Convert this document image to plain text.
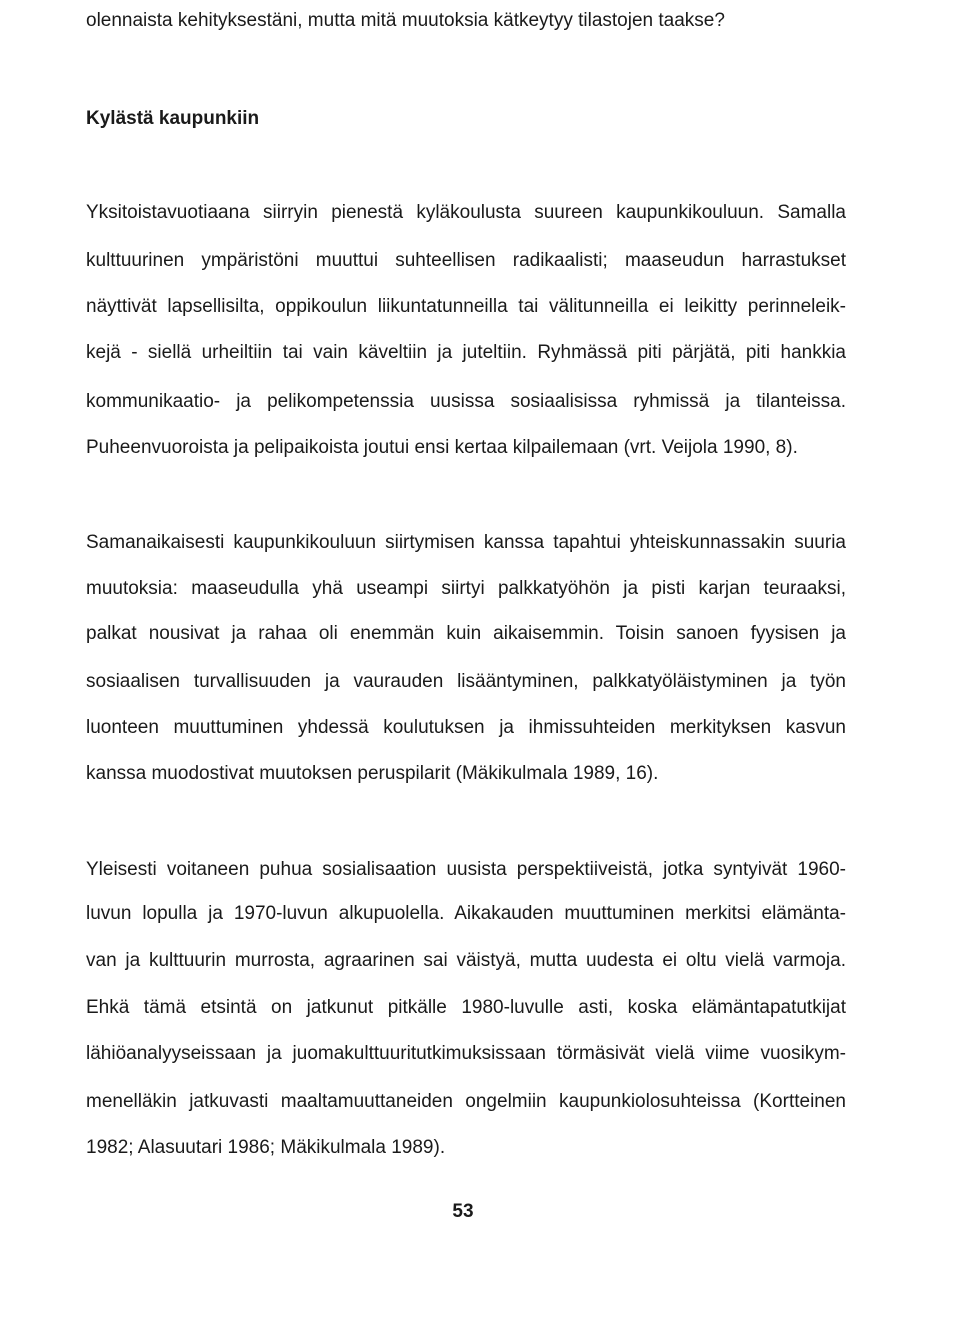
olennaista kehityksestäni, mutta mitä muutoksia kätkeytyy tilastojen taakse?
Kylästä kaupunkiin
Yksitoistavuotiaana siirryin pienestä kyläkoulusta suureen kaupunkikouluun. Samalla
kulttuurinen ympäristöni muuttui suhteellisen radikaalisti; maaseudun harrastukset
näyttivät lapsellisilta, oppikoulun liikuntatunneilla tai välitunneilla ei leikitty perinneleik-
kejä - siellä urheiltiin tai vain käveltiin ja juteltiin. Ryhmässä piti pärjätä, piti hankkia
kommunikaatio- ja pelikompetenssia uusissa sosiaalisissa ryhmissä ja tilanteissa.
Puheenvuoroista ja pelipaikoista joutui ensi kertaa kilpailemaan (vrt. Veijola 1990, 8).
Samanaikaisesti kaupunkikouluun siirtymisen kanssa tapahtui yhteiskunnassakin suuria
muutoksia: maaseudulla yhä useampi siirtyi palkkatyöhön ja pisti karjan teuraaksi,
palkat nousivat ja rahaa oli enemmän kuin aikaisemmin. Toisin sanoen fyysisen ja
sosiaalisen turvallisuuden ja vaurauden lisääntyminen, palkkatyöläistyminen ja työn
luonteen muuttuminen yhdessä koulutuksen ja ihmissuhteiden merkityksen kasvun
kanssa muodostivat muutoksen peruspilarit (Mäkikulmala 1989, 16).
Yleisesti voitaneen puhua sosialisaation uusista perspektiiveistä, jotka syntyivät 1960-
luvun lopulla ja 1970-luvun alkupuolella. Aikakauden muuttuminen merkitsi elämänta-
van ja kulttuurin murrosta, agraarinen sai väistyä, mutta uudesta ei oltu vielä varmoja.
Ehkä tämä etsintä on jatkunut pitkälle 1980-luvulle asti, koska elämäntapatutkijat
lähiöanalyyseissaan ja juomakulttuuritutkimuksissaan törmäsivät vielä viime vuosikym-
menelläkin jatkuvasti maaltamuuttaneiden ongelmiin kaupunkiolosuhteissa (Kortteinen
1982; Alasuutari 1986; Mäkikulmala 1989).
53
